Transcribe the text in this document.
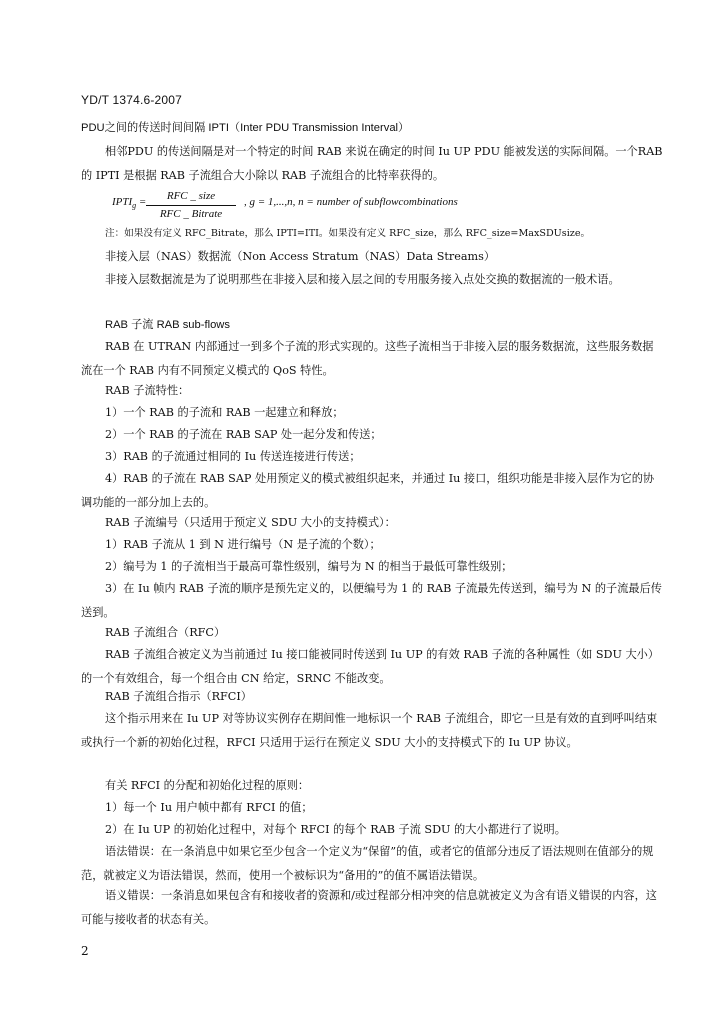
YD/T 1374.6-2007
PDU之间的传送时间间隔 IPTI（Inter PDU Transmission Interval）
相邻PDU 的传送间隔是对一个特定的时间 RAB 来说在确定的时间 Iu UP PDU 能被发送的实际间隔。一个RAB 的 IPTI 是根据 RAB 子流组合大小除以 RAB 子流组合的比特率获得的。
$IPTI_g$ =	RFC _ size
RFC _ Bitrate
, g = 1,...,n, n = number of subflowcombinations
注：如果没有定义 RFC_Bitrate，那么 IPTI=ITI。如果没有定义 RFC_size，那么 RFC_size=MaxSDUsize。
非接入层（NAS）数据流（Non Access Stratum（NAS）Data Streams）
非接入层数据流是为了说明那些在非接入层和接入层之间的专用服务接入点处交换的数据流的一般术语。
RAB 子流 RAB sub-flows
RAB 在 UTRAN 内部通过一到多个子流的形式实现的。这些子流相当于非接入层的服务数据流，这些服务数据流在一个 RAB 内有不同预定义模式的 QoS 特性。
RAB 子流特性：
1）一个 RAB 的子流和 RAB 一起建立和释放；
2）一个 RAB 的子流在 RAB SAP 处一起分发和传送；
3）RAB 的子流通过相同的 Iu 传送连接进行传送；
4）RAB 的子流在 RAB SAP 处用预定义的模式被组织起来，并通过 Iu 接口，组织功能是非接入层作为它的协调功能的一部分加上去的。
RAB 子流编号（只适用于预定义 SDU 大小的支持模式）：
1）RAB 子流从 1 到 N 进行编号（N 是子流的个数）；
2）编号为 1 的子流相当于最高可靠性级别，编号为 N 的相当于最低可靠性级别；
3）在 Iu 帧内 RAB 子流的顺序是预先定义的，以便编号为 1 的 RAB 子流最先传送到，编号为 N 的子流最后传送到。
RAB 子流组合（RFC）
RAB 子流组合被定义为当前通过 Iu 接口能被同时传送到 Iu UP 的有效 RAB 子流的各种属性（如 SDU 大小）的一个有效组合，每一个组合由 CN 给定，SRNC 不能改变。
RAB 子流组合指示（RFCI）
这个指示用来在 Iu UP 对等协议实例存在期间惟一地标识一个 RAB 子流组合，即它一旦是有效的直到呼叫结束或执行一个新的初始化过程，RFCI 只适用于运行在预定义 SDU 大小的支持模式下的 Iu UP 协议。
有关 RFCI 的分配和初始化过程的原则：
1）每一个 Iu 用户帧中都有 RFCI 的值；
2）在 Iu UP 的初始化过程中，对每个 RFCI 的每个 RAB 子流 SDU 的大小都进行了说明。
语法错误：在一条消息中如果它至少包含一个定义为“保留”的值，或者它的值部分违反了语法规则在值部分的规范，就被定义为语法错误，然而，使用一个被标识为“备用的”的值不属语法错误。
语义错误：一条消息如果包含有和接收者的资源和/或过程部分相冲突的信息就被定义为含有语义错误的内容，这可能与接收者的状态有关。
2
